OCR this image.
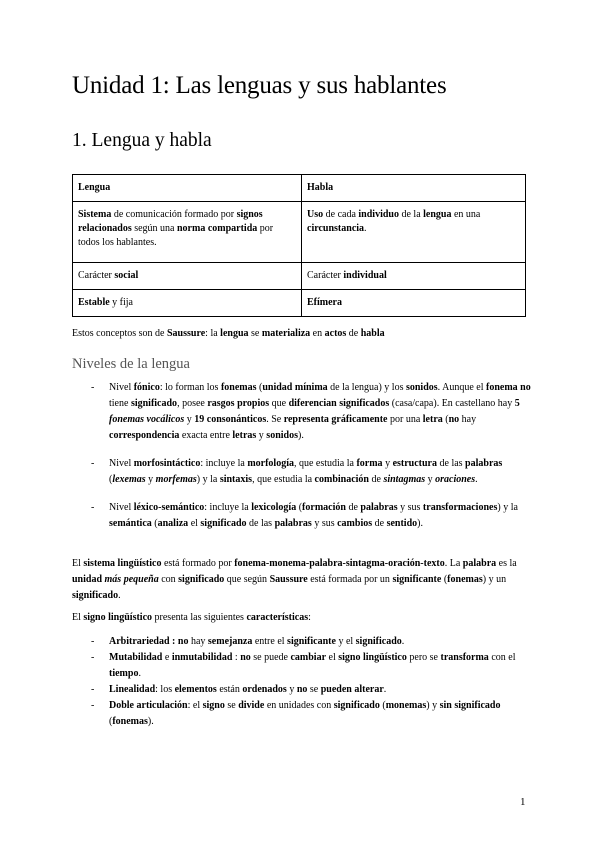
Unidad 1: Las lenguas y sus hablantes
1. Lengua y habla
Lengua	Habla
Sistema de comunicación formado por signos relacionados según una norma compartida por todos los hablantes.	Uso de cada individuo de la lengua en una circunstancia.
Carácter social	Carácter individual
Estable y fija	Efímera

Estos conceptos son de Saussure: la lengua se materializa en actos de habla

Niveles de la lengua
- Nivel fónico: lo forman los fonemas (unidad mínima de la lengua) y los sonidos. Aunque el fonema no tiene significado, posee rasgos propios que diferencian significados (casa/capa). En castellano hay 5 fonemas vocálicos y 19 consonánticos. Se representa gráficamente por una letra (no hay correspondencia exacta entre letras y sonidos).
- Nivel morfosintáctico: incluye la morfología, que estudia la forma y estructura de las palabras (lexemas y morfemas) y la sintaxis, que estudia la combinación de sintagmas y oraciones.
- Nivel léxico-semántico: incluye la lexicología (formación de palabras y sus transformaciones) y la semántica (analiza el significado de las palabras y sus cambios de sentido).

El sistema lingüístico está formado por fonema-monema-palabra-sintagma-oración-texto. La palabra es la unidad más pequeña con significado que según Saussure está formada por un significante (fonemas) y un significado.

El signo lingüístico presenta las siguientes características:

- Arbitrariedad : no hay semejanza entre el significante y el significado.
- Mutabilidad e inmutabilidad : no se puede cambiar el signo lingüístico pero se transforma con el tiempo.
- Linealidad: los elementos están ordenados y no se pueden alterar.
- Doble articulación: el signo se divide en unidades con significado (monemas) y sin significado (fonemas).
1
